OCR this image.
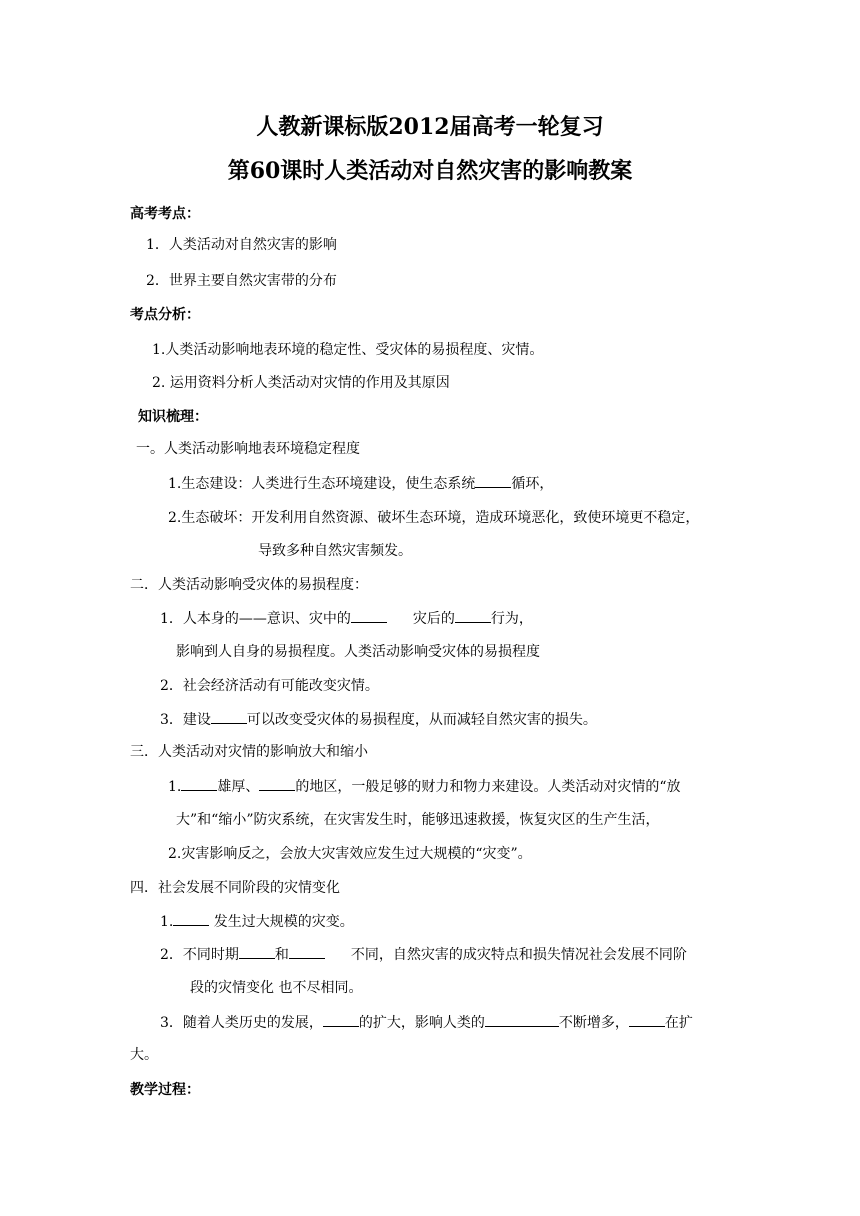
人教新课标版2012届高考一轮复习
第60课时人类活动对自然灾害的影响教案
高考考点：
1．人类活动对自然灾害的影响
2．世界主要自然灾害带的分布
考点分析：
1.人类活动影响地表环境的稳定性、受灾体的易损程度、灾情。
2. 运用资料分析人类活动对灾情的作用及其原因
知识梳理：
一。人类活动影响地表环境稳定程度
1.生态建设：人类进行生态环境建设，使生态系统	循环，
2.生态破坏：开发利用自然资源、破坏生态环境，造成环境恶化，致使环境更不稳定，
导致多种自然灾害频发。
二．人类活动影响受灾体的易损程度：
1．人本身的——意识、灾中的	灾后的	行为，
影响到人自身的易损程度。人类活动影响受灾体的易损程度
2．社会经济活动有可能改变灾情。
3．建设	可以改变受灾体的易损程度，从而减轻自然灾害的损失。
三．人类活动对灾情的影响放大和缩小
1.	雄厚、	的地区，一般足够的财力和物力来建设。人类活动对灾情的“放
大”和“缩小”防灾系统，在灾害发生时，能够迅速救援，恢复灾区的生产生活，
2.灾害影响反之，会放大灾害效应发生过大规模的“灾变”。
四．社会发展不同阶段的灾情变化
1.	发生过大规模的灾变。
2．不同时期	和	不同，自然灾害的成灾特点和损失情况社会发展不同阶
段的灾情变化 也不尽相同。
3．随着人类历史的发展，	的扩大，影响人类的	不断增多，	在扩
大。
教学过程：
